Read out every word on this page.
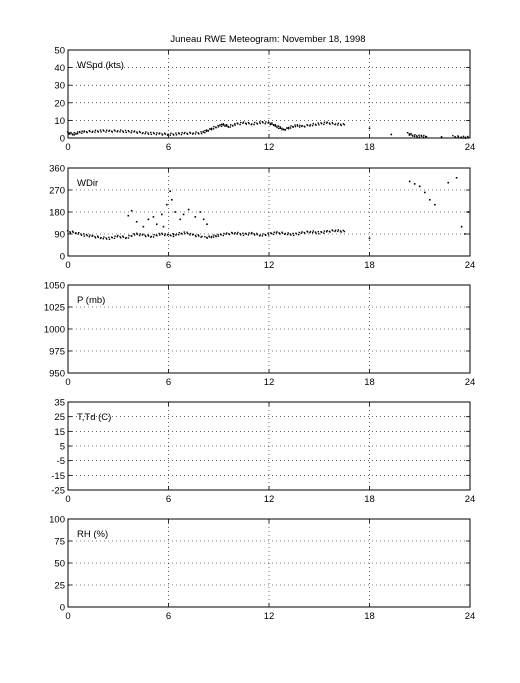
Juneau RWE Meteogram: November 18, 1998
0
10
20
30
40
50
0	6	12	18	24
WSpd (kts)
0
90
180
270
360
0	6	12	18	24
WDir
950
975
1000
1025
1050
0	6	12	18	24
P (mb)
-25
-15
-5
5
15
25
35
0	6	12	18	24
T,Td (C)
0
25
50
75
100
0	6	12	18	24
RH (%)
